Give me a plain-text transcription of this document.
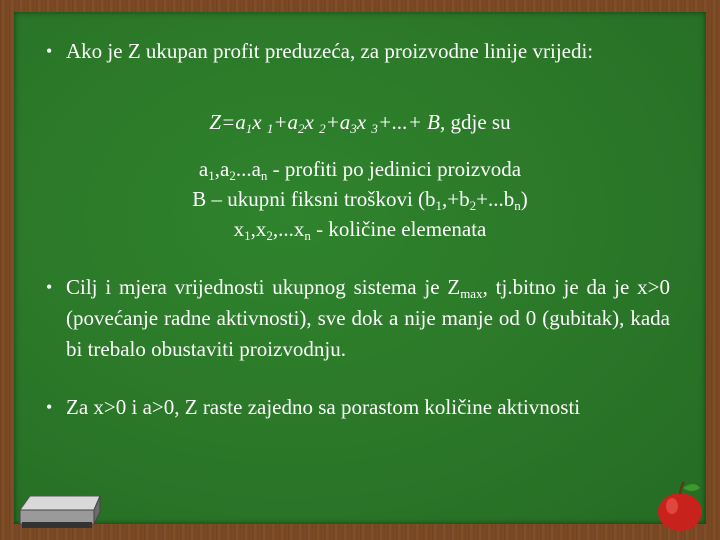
• Ako je Z ukupan profit preduzeća, za proizvodne linije vrijedi:
$Z=a_1x$ $_1+a_2x$ $_2+a_3x$ $_3$+...+ B, gdje su
$a_1,a_2...a_n$ - profiti po jedinici proizvoda
B – ukupni fiksni troškovi $(b_1,+b_2+...b_n)$
$x_1,x_2,...x_n$ - količine elemenata
• Cilj i mjera vrijednosti ukupnog sistema je $Z_{max}$, tj.bitno je da je x>0 (povećanje radne aktivnosti), sve dok a nije manje od 0 (gubitak), kada bi trebalo obustaviti proizvodnju.
• Za x>0 i a>0, Z raste zajedno sa porastom količine aktivnosti
